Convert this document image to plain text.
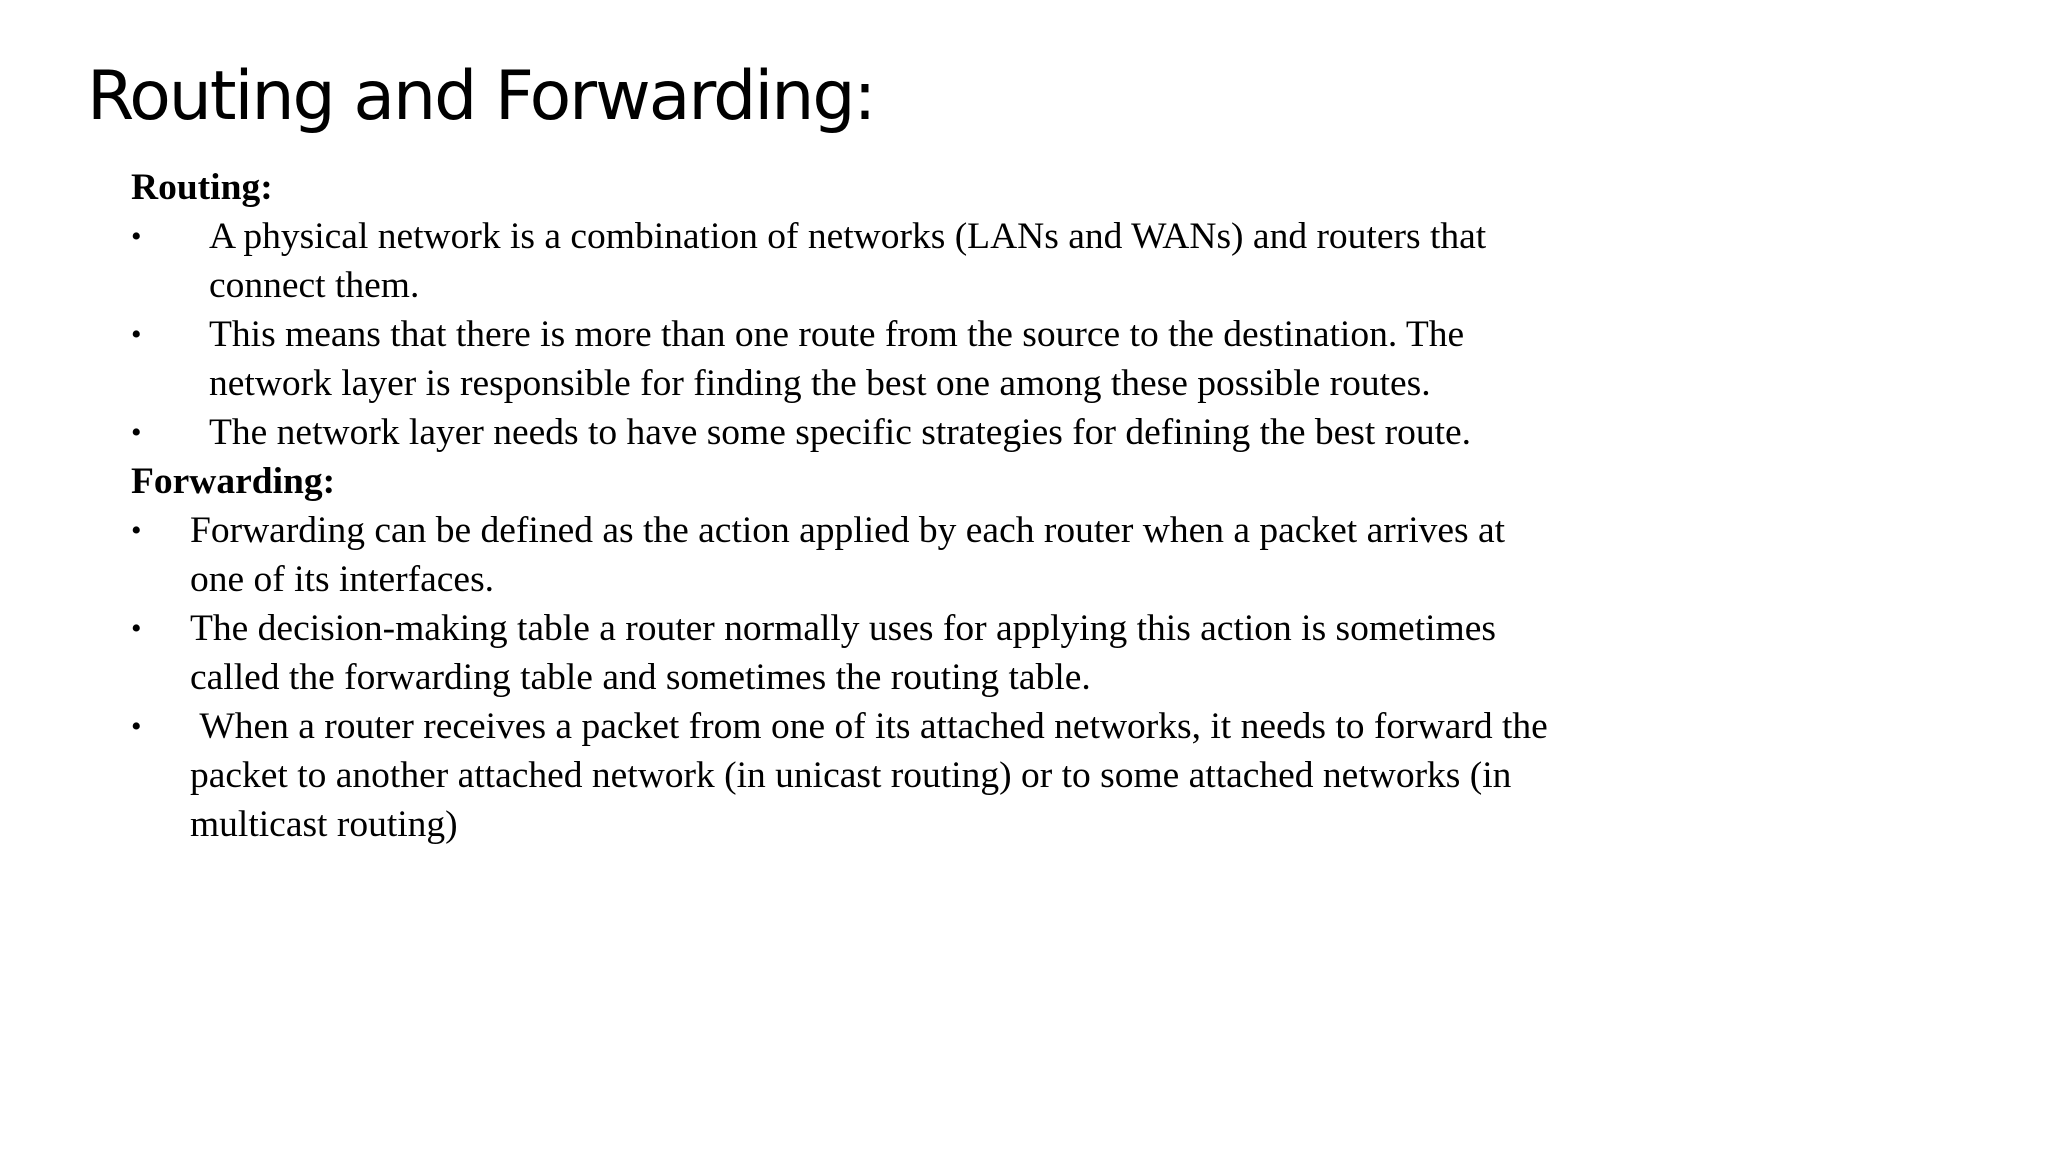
Routing and Forwarding:

Routing:

• A physical network is a combination of networks (LANs and WANs) and routers that connect them.
• This means that there is more than one route from the source to the destination. The network layer is responsible for finding the best one among these possible routes.
• The network layer needs to have some specific strategies for defining the best route.

Forwarding:

• Forwarding can be defined as the action applied by each router when a packet arrives at one of its interfaces.
• The decision-making table a router normally uses for applying this action is sometimes called the forwarding table and sometimes the routing table.
• When a router receives a packet from one of its attached networks, it needs to forward the packet to another attached network (in unicast routing) or to some attached networks (in multicast routing)
